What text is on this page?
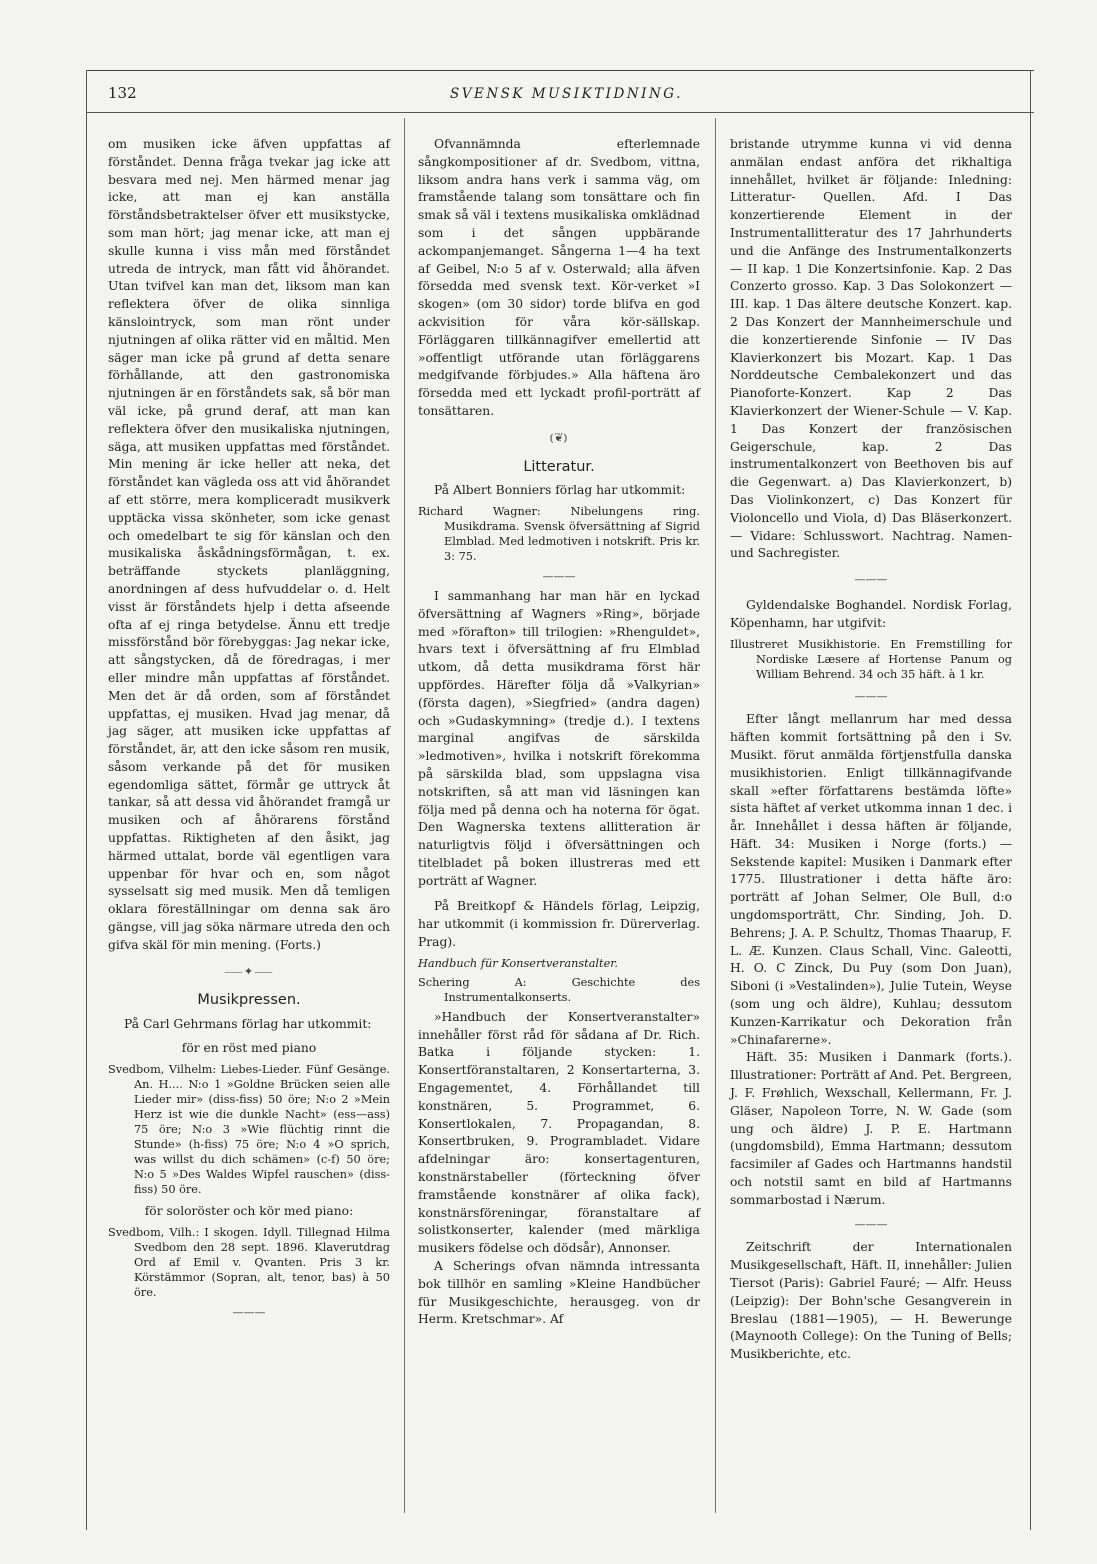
132	SVENSK MUSIKTIDNING.

om musiken icke äfven uppfattas af förståndet. Denna fråga tvekar jag icke att besvara med nej. Men härmed menar jag icke, att man ej kan anställa förståndsbetraktelser öfver ett musikstycke, som man hört; jag menar icke, att man ej skulle kunna i viss mån med förståndet utreda de intryck, man fått vid åhörandet. Utan tvifvel kan man det, liksom man kan reflektera öfver de olika sinnliga känslointryck, som man rönt under njutningen af olika rätter vid en måltid. Men säger man icke på grund af detta senare förhållande, att den gastronomiska njutningen är en förståndets sak, så bör man väl icke, på grund deraf, att man kan reflektera öfver den musikaliska njutningen, säga, att musiken uppfattas med förståndet. Min mening är icke heller att neka, det förståndet kan vägleda oss att vid åhörandet af ett större, mera kompliceradt musikverk upptäcka vissa skönheter, som icke genast och omedelbart te sig för känslan och den musikaliska åskådningsförmågan, t. ex. beträffande styckets planläggning, anordningen af dess hufvuddelar o. d. Helt visst är förståndets hjelp i detta afseende ofta af ej ringa betydelse. Ännu ett tredje missförstånd bör förebyggas: Jag nekar icke, att sångstycken, då de föredragas, i mer eller mindre mån uppfattas af förståndet. Men det är då orden, som af förståndet uppfattas, ej musiken. Hvad jag menar, då jag säger, att musiken icke uppfattas af förståndet, är, att den icke såsom ren musik, såsom verkande på det för musiken egendomliga sättet, förmår ge uttryck åt tankar, så att dessa vid åhörandet framgå ur musiken och af åhörarens förstånd uppfattas. Riktigheten af den åsikt, jag härmed uttalat, borde väl egentligen vara uppenbar för hvar och en, som något sysselsatt sig med musik. Men då temligen oklara föreställningar om denna sak äro gängse, vill jag söka närmare utreda den och gifva skäl för min mening. (Forts.)

⸺✦⸺
Musikpressen.

På Carl Gehrmans förlag har utkommit:

för en röst med piano

Svedbom, Vilhelm: Liebes-Lieder. Fünf Gesänge. An. H.... N:o 1 »Goldne Brücken seien alle Lieder mir» (diss-fiss) 50 öre; N:o 2 »Mein Herz ist wie die dunkle Nacht» (ess—ass) 75 öre; N:o 3 »Wie flüchtig rinnt die Stunde» (h-fiss) 75 öre; N:o 4 »O sprich, was willst du dich schämen» (c-f) 50 öre; N:o 5 »Des Waldes Wipfel rauschen» (diss-fiss) 50 öre.

för soloröster och kör med piano:

Svedbom, Vilh.: I skogen. Idyll. Tillegnad Hilma Svedbom den 28 sept. 1896. Klaverutdrag Ord af Emil v. Qvanten. Pris 3 kr. Körstämmor (Sopran, alt, tenor, bas) à 50 öre.

———

Ofvannämnda efterlemnade sångkompositioner af dr. Svedbom, vittna, liksom andra hans verk i samma väg, om framstående talang som tonsättare och fin smak så väl i textens musikaliska omklädnad som i det sången uppbärande ackompanjemanget. Sångerna 1—4 ha text af Geibel, N:o 5 af v. Osterwald; alla äfven försedda med svensk text. Kör-verket »I skogen» (om 30 sidor) torde blifva en god ackvisition för våra kör-sällskap. Förläggaren tillkännagifver emellertid att »offentligt utförande utan förläggarens medgifvande förbjudes.» Alla häftena äro försedda med ett lyckadt profil-porträtt af tonsättaren.

⦅❦⦆
Litteratur.

På Albert Bonniers förlag har utkommit:

Richard Wagner: Nibelungens ring. Musikdrama. Svensk öfversättning af Sigrid Elmblad. Med ledmotiven i notskrift. Pris kr. 3: 75.

———

I sammanhang har man här en lyckad öfversättning af Wagners »Ring», började med »förafton» till trilogien: »Rhenguldet», hvars text i öfversättning af fru Elmblad utkom, då detta musikdrama först här uppfördes. Härefter följa då »Valkyrian» (första dagen), »Siegfried» (andra dagen) och »Gudaskymning» (tredje d.). I textens marginal angifvas de särskilda »ledmotiven», hvilka i notskrift förekomma på särskilda blad, som uppslagna visa notskriften, så att man vid läsningen kan följa med på denna och ha noterna för ögat. Den Wagnerska textens allitteration är naturligtvis följd i öfversättningen och titelbladet på boken illustreras med ett porträtt af Wagner.

På Breitkopf & Händels förlag, Leipzig, har utkommit (i kommission fr. Dürerverlag. Prag).

Handbuch für Konsertveranstalter.

Schering A: Geschichte des Instrumentalkonserts.

»Handbuch der Konsertveranstalter» innehåller först råd för sådana af Dr. Rich. Batka i följande stycken: 1. Konsertföranstaltaren, 2 Konsertarterna, 3. Engagementet, 4. Förhållandet till konstnären, 5. Programmet, 6. Konsertlokalen, 7. Propagandan, 8. Konsertbruken, 9. Programbladet. Vidare afdelningar äro: konsertagenturen, konstnärstabeller (förteckning öfver framstående konstnärer af olika fack), konstnärsföreningar, föranstaltare af solistkonserter, kalender (med märkliga musikers födelse och dödsår), Annonser.

A Scherings ofvan nämnda intressanta bok tillhör en samling »Kleine Handbücher für Musikgeschichte, herausgeg. von dr Herm. Kretschmar». Af

bristande utrymme kunna vi vid denna anmälan endast anföra det rikhaltiga innehållet, hvilket är följande: Inledning: Litteratur- Quellen. Afd. I Das konzertierende Element in der Instrumentallitteratur des 17 Jahrhunderts und die Anfänge des Instrumentalkonzerts — II kap. 1 Die Konzertsinfonie. Kap. 2 Das Conzerto grosso. Kap. 3 Das Solokonzert — III. kap. 1 Das ältere deutsche Konzert. kap. 2 Das Konzert der Mannheimerschule und die konzertierende Sinfonie — IV Das Klavierkonzert bis Mozart. Kap. 1 Das Norddeutsche Cembalekonzert und das Pianoforte-Konzert. Kap 2 Das Klavierkonzert der Wiener-Schule — V. Kap. 1 Das Konzert der französischen Geigerschule, kap. 2 Das instrumentalkonzert von Beethoven bis auf die Gegenwart. a) Das Klavierkonzert, b) Das Violinkonzert, c) Das Konzert für Violoncello und Viola, d) Das Bläserkonzert. — Vidare: Schlusswort. Nachtrag. Namen- und Sachregister.

———

Gyldendalske Boghandel. Nordisk Forlag, Köpenhamn, har utgifvit:

Illustreret Musikhistorie. En Fremstilling for Nordiske Læsere af Hortense Panum og William Behrend. 34 och 35 häft. à 1 kr.

———

Efter långt mellanrum har med dessa häften kommit fortsättning på den i Sv. Musikt. förut anmälda förtjenstfulla danska musikhistorien. Enligt tillkännagifvande skall »efter författarens bestämda löfte» sista häftet af verket utkomma innan 1 dec. i år. Innehållet i dessa häften är följande, Häft. 34: Musiken i Norge (forts.) — Sekstende kapitel: Musiken i Danmark efter 1775. Illustrationer i detta häfte äro: porträtt af Johan Selmer, Ole Bull, d:o ungdomsporträtt, Chr. Sinding, Joh. D. Behrens; J. A. P. Schultz, Thomas Thaarup, F. L. Æ. Kunzen. Claus Schall, Vinc. Galeotti, H. O. C Zinck, Du Puy (som Don Juan), Siboni (i »Vestalinden»), Julie Tutein, Weyse (som ung och äldre), Kuhlau; dessutom Kunzen-Karrikatur och Dekoration från »Chinafarerne».

Häft. 35: Musiken i Danmark (forts.). Illustrationer: Porträtt af And. Pet. Bergreen, J. F. Frøhlich, Wexschall, Kellermann, Fr. J. Gläser, Napoleon Torre, N. W. Gade (som ung och äldre) J. P. E. Hartmann (ungdomsbild), Emma Hartmann; dessutom facsimiler af Gades och Hartmanns handstil och notstil samt en bild af Hartmanns sommarbostad i Nærum.

———

Zeitschrift der Internationalen Musikgesellschaft, Häft. II, innehåller: Julien Tiersot (Paris): Gabriel Fauré; — Alfr. Heuss (Leipzig): Der Bohn'sche Gesangverein in Breslau (1881—1905), — H. Bewerunge (Maynooth College): On the Tuning of Bells; Musikberichte, etc.
